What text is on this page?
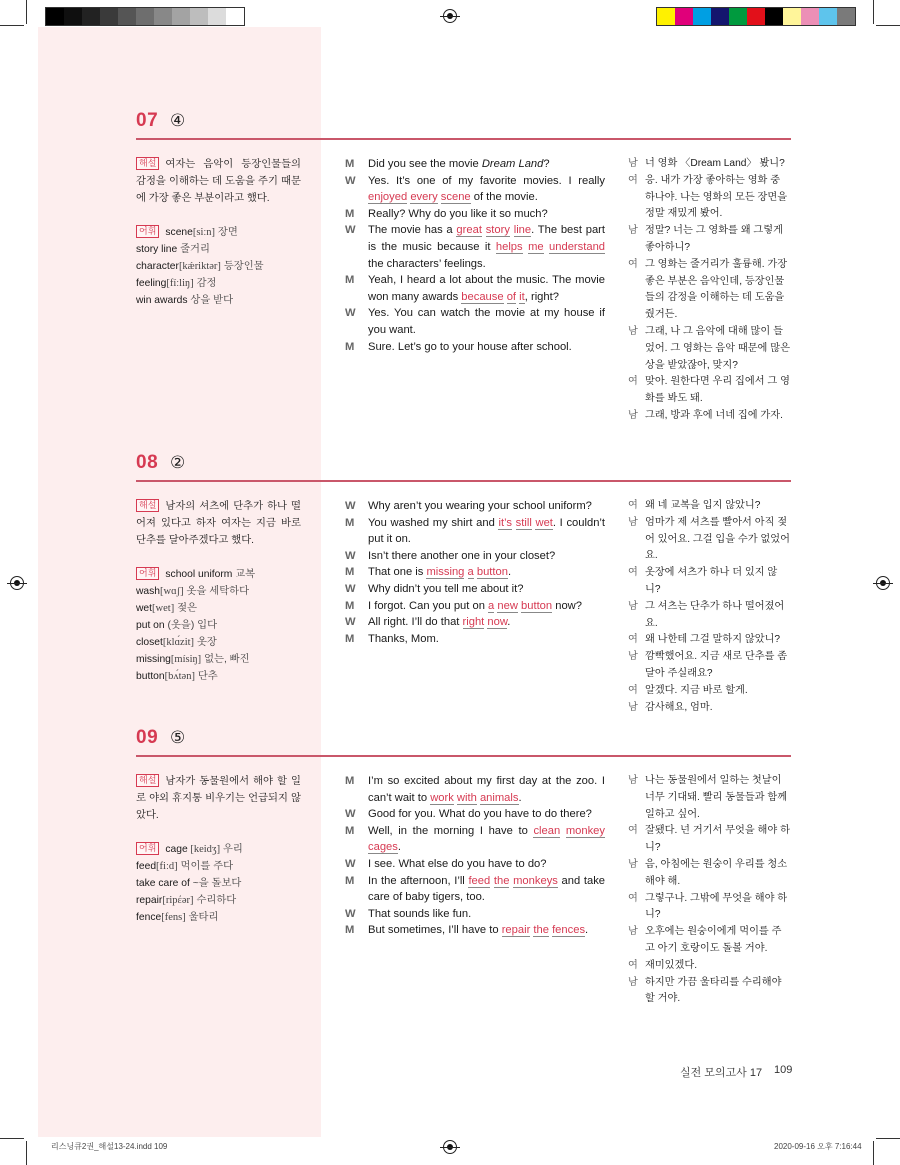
07 ④
해설 여자는 음악이 등장인물들의 감정을 이해하는 데 도움을 주기 때문에 가장 좋은 부분이라고 했다.
어휘 scene[siːn] 장면
story line 줄거리
character[kǽriktər] 등장인물
feeling[fíːliŋ] 감정
win awards 상을 받다
M	Did you see the movie Dream Land?
W	Yes. It’s one of my favorite movies. I really enjoyed every scene of the movie.
M	Really? Why do you like it so much?
W	The movie has a great story line. The best part is the music because it helps me understand the characters’ feelings.
M	Yeah, I heard a lot about the music. The movie won many awards because of it, right?
W	Yes. You can watch the movie at my house if you want.
M	Sure. Let’s go to your house after school.
남 너 영화 〈Dream Land〉 봤니?
여 응. 내가 가장 좋아하는 영화 중 하나야. 나는 영화의 모든 장면을 정말 재밌게 봤어.
남 정말? 너는 그 영화를 왜 그렇게 좋아하니?
여 그 영화는 줄거리가 훌륭해. 가장 좋은 부분은 음악인데, 등장인물들의 감정을 이해하는 데 도움을 줬거든.
남 그래, 나 그 음악에 대해 많이 들었어. 그 영화는 음악 때문에 많은 상을 받았잖아, 맞지?
여 맞아. 원한다면 우리 집에서 그 영화를 봐도 돼.
남 그래, 방과 후에 너네 집에 가자.
08 ②
해설 남자의 셔츠에 단추가 하나 떨어져 있다고 하자 여자는 지금 바로 단추를 달아주겠다고 했다.
어휘 school uniform 교복
wash[wɑʃ] 옷을 세탁하다
wet[wet] 젖은
put on (옷을) 입다
closet[klɑ́zit] 옷장
missing[mísiŋ] 없는, 빠진
button[bʌ́tən] 단추
W	Why aren’t you wearing your school uniform?
M	You washed my shirt and it’s still wet. I couldn’t put it on.
W	Isn’t there another one in your closet?
M	That one is missing a button.
W	Why didn’t you tell me about it?
M	I forgot. Can you put on a new button now?
W	All right. I’ll do that right now.
M	Thanks, Mom.
여 왜 네 교복을 입지 않았니?
남 엄마가 제 셔츠를 빨아서 아직 젖어 있어요. 그걸 입을 수가 없었어요.
여 옷장에 셔츠가 하나 더 있지 않니?
남 그 셔츠는 단추가 하나 떨어졌어요.
여 왜 나한테 그걸 말하지 않았니?
남 깜빡했어요. 지금 새로 단추를 좀 달아 주실래요?
여 알겠다. 지금 바로 할게.
남 감사해요, 엄마.
09 ⑤
해설 남자가 동물원에서 해야 할 일로 야외 휴지통 비우기는 언급되지 않았다.
어휘 cage [keidʒ] 우리
feed[fiːd] 먹이를 주다
take care of ~을 돌보다
repair[ripέər] 수리하다
fence[fens] 울타리
M	I’m so excited about my first day at the zoo. I can’t wait to work with animals.
W	Good for you. What do you have to do there?
M	Well, in the morning I have to clean monkey cages.
W	I see. What else do you have to do?
M	In the afternoon, I’ll feed the monkeys and take care of baby tigers, too.
W	That sounds like fun.
M	But sometimes, I’ll have to repair the fences.
남 나는 동물원에서 일하는 첫날이 너무 기대돼. 빨리 동물들과 함께 일하고 싶어.
여 잘됐다. 넌 거기서 무엇을 해야 하니?
남 음, 아침에는 원숭이 우리를 청소해야 해.
여 그렇구나. 그밖에 무엇을 해야 하니?
남 오후에는 원숭이에게 먹이를 주고 아기 호랑이도 돌볼 거야.
여 재미있겠다.
남 하지만 가끔 울타리를 수리해야 할 거야.
실전 모의고사 17 109
리스닝큐2권_해설13-24.indd 109	2020-09-16 오후 7:16:44
